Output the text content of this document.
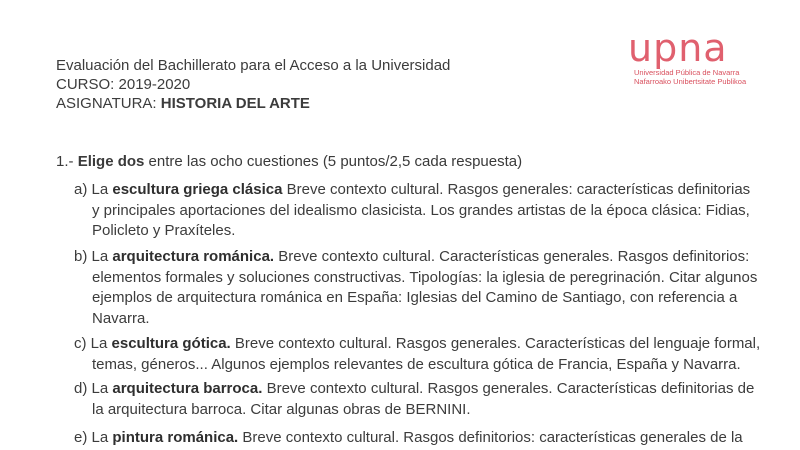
Evaluación del Bachillerato para el Acceso a la Universidad
CURSO: 2019-2020
ASIGNATURA: HISTORIA DEL ARTE
upna
Universidad Pública de Navarra
Nafarroako Unibertsitate Publikoa
1.- Elige dos entre las ocho cuestiones (5 puntos/2,5 cada respuesta)
a) La escultura griega clásica Breve contexto cultural. Rasgos generales: características definitorias
y principales aportaciones del idealismo clasicista. Los grandes artistas de la época clásica: Fidias,
Policleto y Praxíteles.
b) La arquitectura románica. Breve contexto cultural. Características generales. Rasgos definitorios:
elementos formales y soluciones constructivas. Tipologías: la iglesia de peregrinación. Citar algunos
ejemplos de arquitectura románica en España: Iglesias del Camino de Santiago, con referencia a
Navarra.
c) La escultura gótica. Breve contexto cultural. Rasgos generales. Características del lenguaje formal,
temas, géneros... Algunos ejemplos relevantes de escultura gótica de Francia, España y Navarra.
d) La arquitectura barroca. Breve contexto cultural. Rasgos generales. Características definitorias de
la arquitectura barroca. Citar algunas obras de BERNINI.
e) La pintura románica. Breve contexto cultural. Rasgos definitorios: características generales de la
